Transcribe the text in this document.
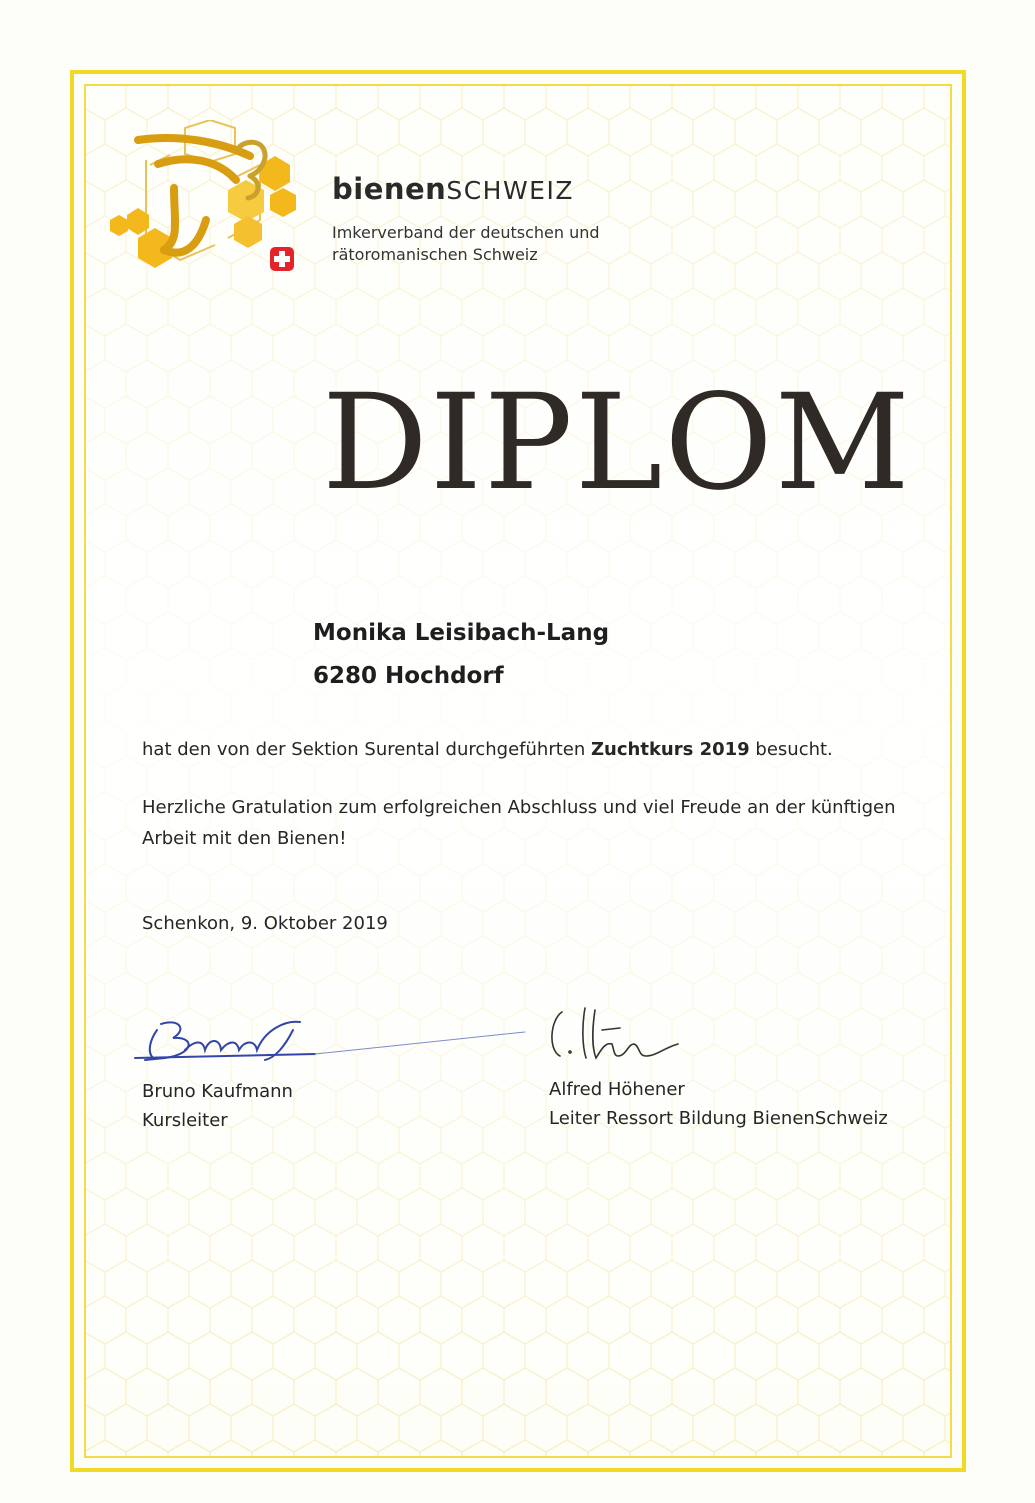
bienenSCHWEIZ
Imkerverband der deutschen und
rätoromanischen Schweiz
DIPLOM
Monika Leisibach-Lang
6280 Hochdorf
hat den von der Sektion Surental durchgeführten Zuchtkurs 2019 besucht.
Herzliche Gratulation zum erfolgreichen Abschluss und viel Freude an der künftigen Arbeit mit den Bienen!
Schenkon, 9. Oktober 2019
Bruno Kaufmann
Kursleiter
Alfred Höhener
Leiter Ressort Bildung BienenSchweiz
